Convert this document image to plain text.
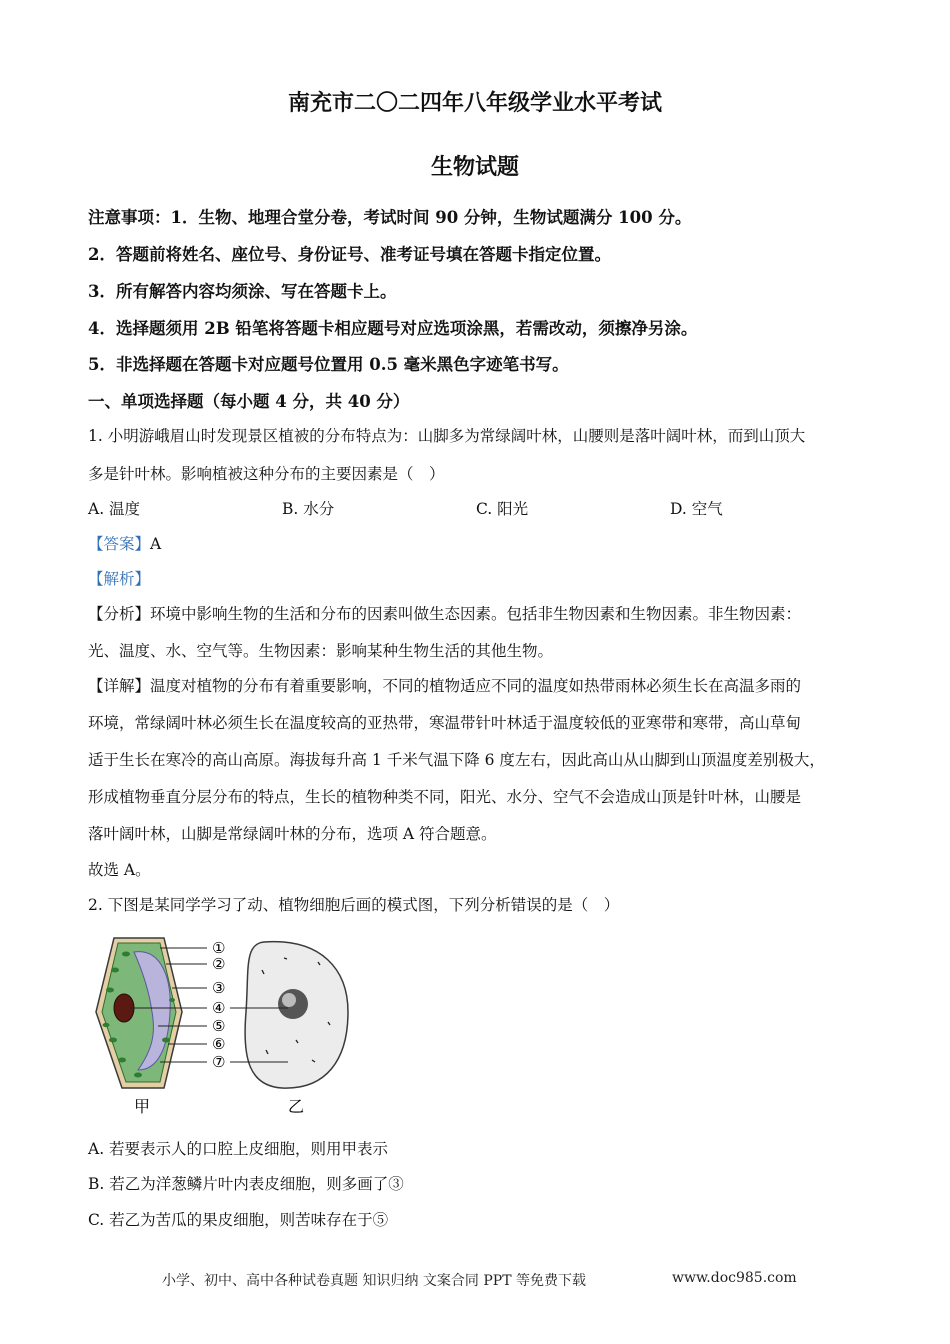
南充市二〇二四年八年级学业水平考试
生物试题
注意事项：1．生物、地理合堂分卷，考试时间 90 分钟，生物试题满分 100 分。
2．答题前将姓名、座位号、身份证号、准考证号填在答题卡指定位置。
3．所有解答内容均须涂、写在答题卡上。
4．选择题须用 2B 铅笔将答题卡相应题号对应选项涂黑，若需改动，须擦净另涂。
5．非选择题在答题卡对应题号位置用 0.5 毫米黑色字迹笔书写。
一、单项选择题（每小题 4 分，共 40 分）
1. 小明游峨眉山时发现景区植被的分布特点为：山脚多为常绿阔叶林，山腰则是落叶阔叶林，而到山顶大
多是针叶林。影响植被这种分布的主要因素是（　）
A. 温度	B. 水分	C. 阳光	D. 空气
【答案】A
【解析】
【分析】环境中影响生物的生活和分布的因素叫做生态因素。包括非生物因素和生物因素。非生物因素：
光、温度、水、空气等。生物因素：影响某种生物生活的其他生物。
【详解】温度对植物的分布有着重要影响，不同的植物适应不同的温度如热带雨林必须生长在高温多雨的
环境，常绿阔叶林必须生长在温度较高的亚热带，寒温带针叶林适于温度较低的亚寒带和寒带，高山草甸
适于生长在寒冷的高山高原。海拔每升高 1 千米气温下降 6 度左右，因此高山从山脚到山顶温度差别极大，
形成植物垂直分层分布的特点，生长的植物种类不同，阳光、水分、空气不会造成山顶是针叶林，山腰是
落叶阔叶林，山脚是常绿阔叶林的分布，选项 A 符合题意。
故选 A。
2. 下图是某同学学习了动、植物细胞后画的模式图，下列分析错误的是（　）
①
②
③
④
⑤
⑥
⑦
甲	乙
A. 若要表示人的口腔上皮细胞，则用甲表示
B. 若乙为洋葱鳞片叶内表皮细胞，则多画了③
C. 若乙为苦瓜的果皮细胞，则苦味存在于⑤
小学、初中、高中各种试卷真题 知识归纳 文案合同 PPT 等免费下载	www.doc985.com
